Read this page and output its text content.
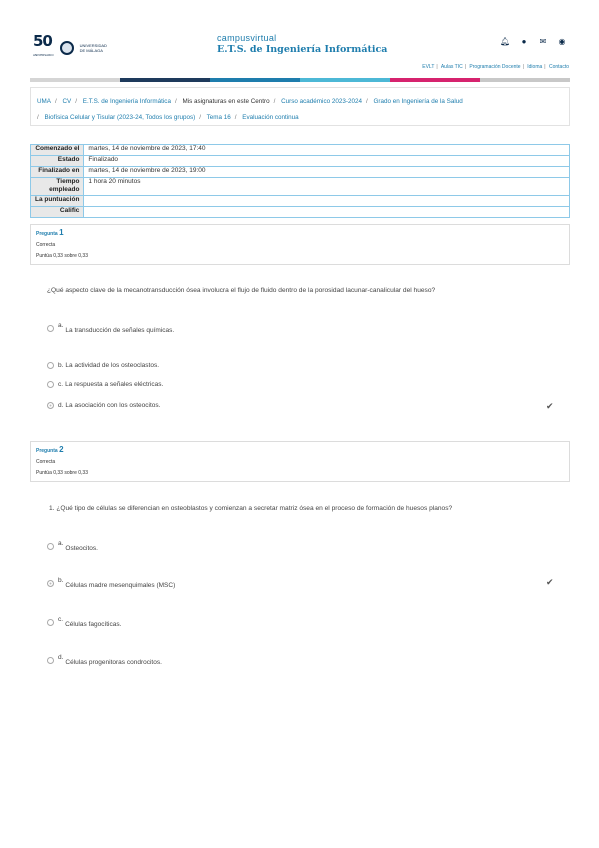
50
ANIVERSARIO
UNIVERSIDAD DE MÁLAGA
campusvirtual
E.T.S. de Ingeniería Informática
🔔︎	●	✉ ◉
EVLT | Aulas TIC | Programación Docente | Idioma | Contacto
UMA / CV / E.T.S. de Ingeniería Informática / Mis asignaturas en este Centro / Curso académico 2023-2024 / Grado en Ingeniería de la Salud
/ Biofísica Celular y Tisular (2023-24, Todos los grupos) / Tema 16 / Evaluación continua
Comenzado el	martes, 14 de noviembre de 2023, 17:40
Estado	Finalizado
Finalizado en	martes, 14 de noviembre de 2023, 19:00
Tiempo empleado	1 hora 20 minutos
La puntuación	
Calific	
Pregunta 1
Correcta
Puntúa 0,33 sobre 0,33
¿Qué aspecto clave de la mecanotransducción ósea involucra el flujo de fluido dentro de la porosidad lacunar-canalicular del hueso?
a.
La transducción de señales químicas.
b. La actividad de los osteoclastos.
c. La respuesta a señales eléctricas.
d. La asociación con los osteocitos.	✔
Pregunta 2
Correcta
Puntúa 0,33 sobre 0,33
1. ¿Qué tipo de células se diferencian en osteoblastos y comienzan a secretar matriz ósea en el proceso de formación de huesos planos?
a.
Osteocitos.
b.
Células madre mesenquimales (MSC)	✔
c.
Células fagocíticas.
d.
Células progenitoras condrocitos.
